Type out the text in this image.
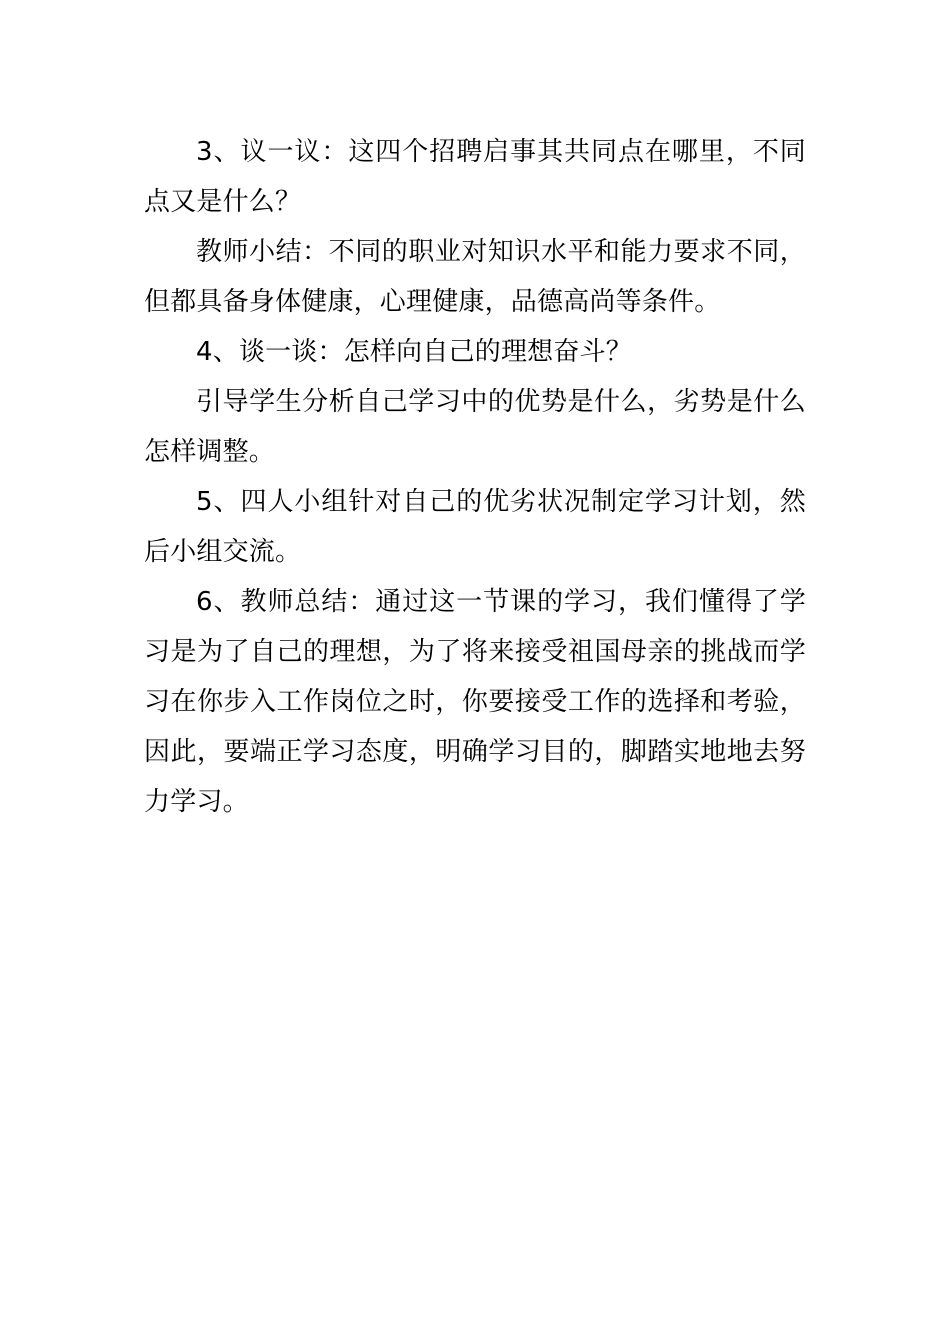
3、议一议：这四个招聘启事其共同点在哪里，不同点又是什么？

教师小结：不同的职业对知识水平和能力要求不同，但都具备身体健康，心理健康，品德高尚等条件。

4、谈一谈：怎样向自己的理想奋斗？

引导学生分析自己学习中的优势是什么，劣势是什么怎样调整。

5、四人小组针对自己的优劣状况制定学习计划，然后小组交流。

6、教师总结：通过这一节课的学习，我们懂得了学习是为了自己的理想，为了将来接受祖国母亲的挑战而学习在你步入工作岗位之时，你要接受工作的选择和考验，因此，要端正学习态度，明确学习目的，脚踏实地地去努力学习。
